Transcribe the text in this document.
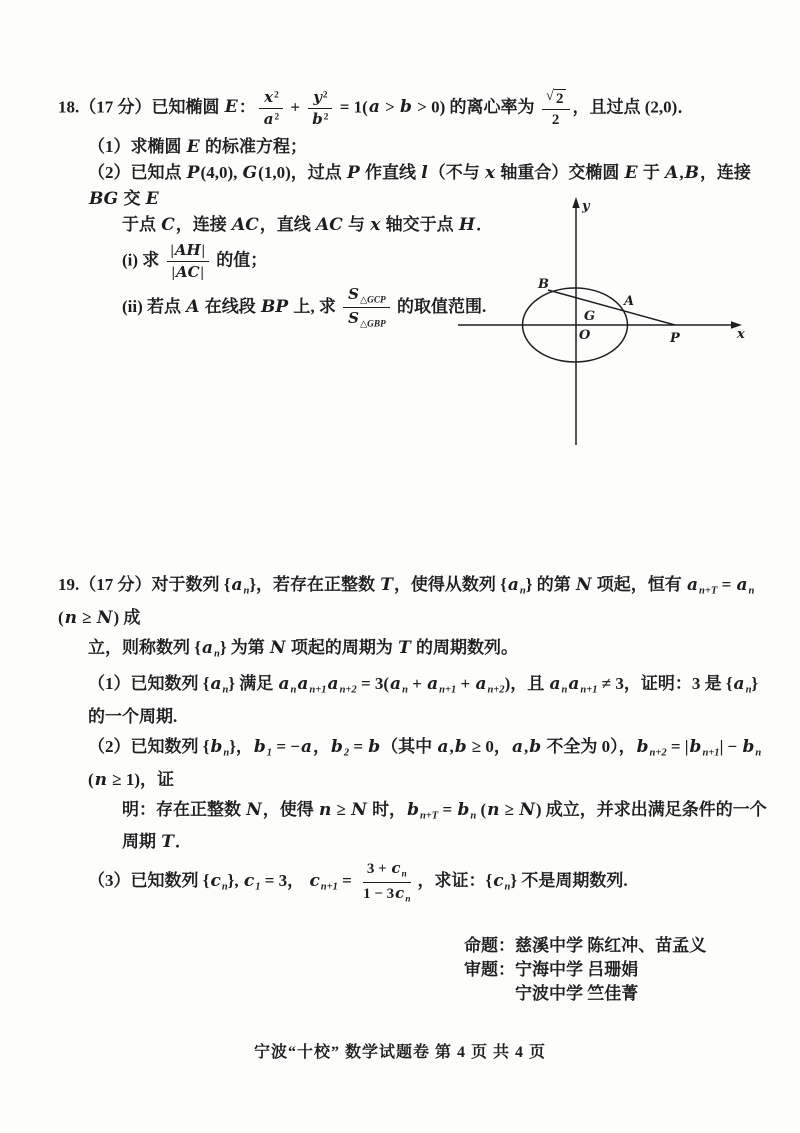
18.（17 分）已知椭圆 E： $\frac{x^2}{a^2} + \frac{y^2}{b^2} = 1(a > b > 0)$ 的离心率为 $\frac{√ 2}{2}$ ，且过点 (2,0)．
（1）求椭圆 E 的标准方程；
（2）已知点 P(4,0), G(1,0)，过点 P 作直线 l（不与 x 轴重合）交椭圆 E 于 A,B，连接 BG 交 E
于点 C，连接 AC，直线 AC 与 x 轴交于点 H．
(i) 求 $\frac{|AH|}{|AC|}$ 的值；
(ii) 若点 A 在线段 BP 上, 求 $\frac{S_{\triangle GCP}}{S_{\triangle GBP}}$ 的取值范围.
y
x
O
B
A
G
P
19.（17 分）对于数列 $\{a_n\}$，若存在正整数 T，使得从数列 $\{a_n\}$ 的第 N 项起，恒有 $a_{n+T} = a_n$ (n ≥ N) 成
立，则称数列 $\{a_n\}$ 为第 N 项起的周期为 T 的周期数列。
（1）已知数列 $\{a_n\}$ 满足 $a_na_{n+1}a_{n+2} = 3(a_n + a_{n+1} + a_{n+2})$，且 $a_na_{n+1} \ne 3$，证明：3 是 $\{a_n\}$ 的一个周期.
（2）已知数列 $\{b_n\}$，$b_1 = -a$，$b_2 = b$（其中 a,b ≥ 0，a,b 不全为 0），$b_{n+2} = |b_{n+1}| - b_n$ (n ≥ 1)，证
明：存在正整数 N，使得 n ≥ N 时，$b_{n+T} = b_n$ (n ≥ N) 成立，并求出满足条件的一个周期 T．
（3）已知数列 $\{c_n\}$, $c_1 = 3$， $c_{n+1} = \frac{3 + c_n}{1 - 3c_n}$ ，求证：$\{c_n\}$ 不是周期数列.
命题：慈溪中学 陈红冲、苗孟义
审题：宁海中学 吕珊娟
宁波中学 竺佳菁
宁波“十校” 数学试题卷 第 4 页 共 4 页
